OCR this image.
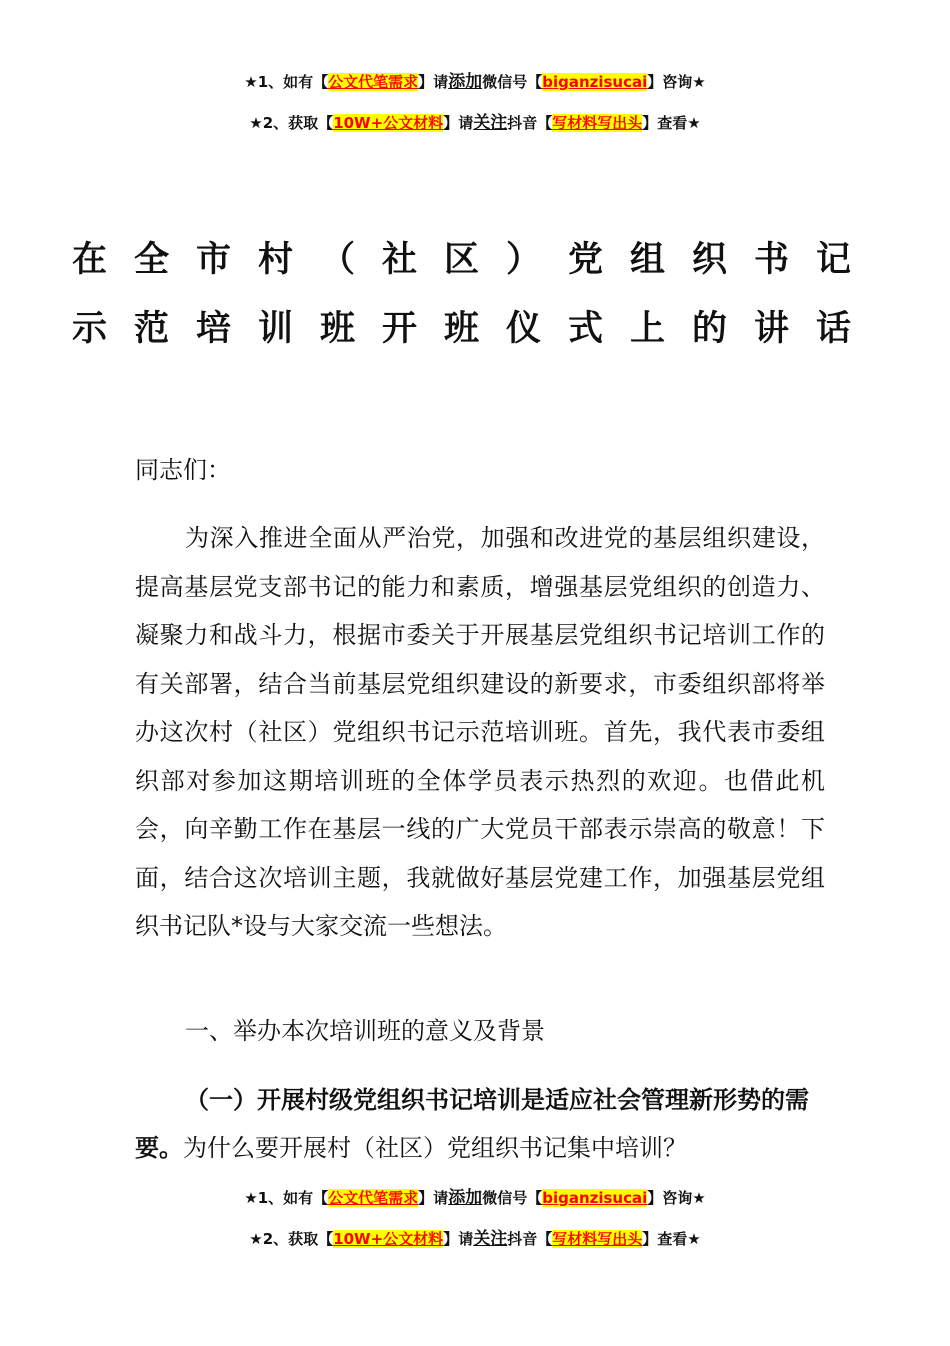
★1、如有【公文代笔需求】请添加微信号【biganzisucai】咨询★
★2、获取【10W+公文材料】请关注抖音【写材料写出头】查看★
在全市村（社区）党组织书记
示范培训班开班仪式上的讲话
同志们：

为深入推进全面从严治党，加强和改进党的基层组织建设，提高基层党支部书记的能力和素质，增强基层党组织的创造力、凝聚力和战斗力，根据市委关于开展基层党组织书记培训工作的有关部署，结合当前基层党组织建设的新要求，市委组织部将举办这次村（社区）党组织书记示范培训班。首先，我代表市委组织部对参加这期培训班的全体学员表示热烈的欢迎。也借此机会，向辛勤工作在基层一线的广大党员干部表示崇高的敬意！下面，结合这次培训主题，我就做好基层党建工作，加强基层党组织书记队*设与大家交流一些想法。

一、举办本次培训班的意义及背景

（一）开展村级党组织书记培训是适应社会管理新形势的需要。为什么要开展村（社区）党组织书记集中培训？

★1、如有【公文代笔需求】请添加微信号【biganzisucai】咨询★
★2、获取【10W+公文材料】请关注抖音【写材料写出头】查看★
